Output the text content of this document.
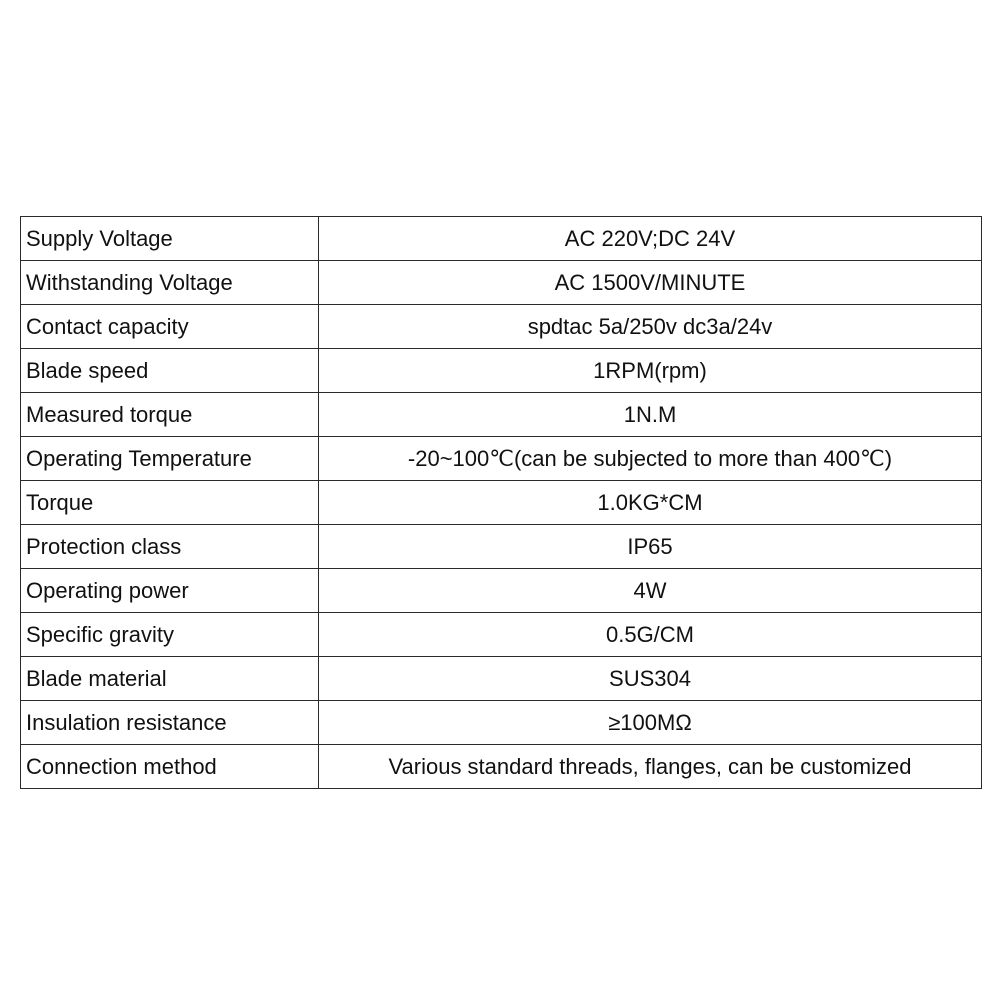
Supply Voltage	AC 220V;DC 24V
Withstanding Voltage	AC 1500V/MINUTE
Contact capacity	spdtac 5a/250v dc3a/24v
Blade speed	1RPM(rpm)
Measured torque	1N.M
Operating Temperature	-20~100℃(can be subjected to more than 400℃)
Torque	1.0KG*CM
Protection class	IP65
Operating power	4W
Specific gravity	0.5G/CM
Blade material	SUS304
Insulation resistance	≥100MΩ
Connection method	Various standard threads, flanges, can be customized
